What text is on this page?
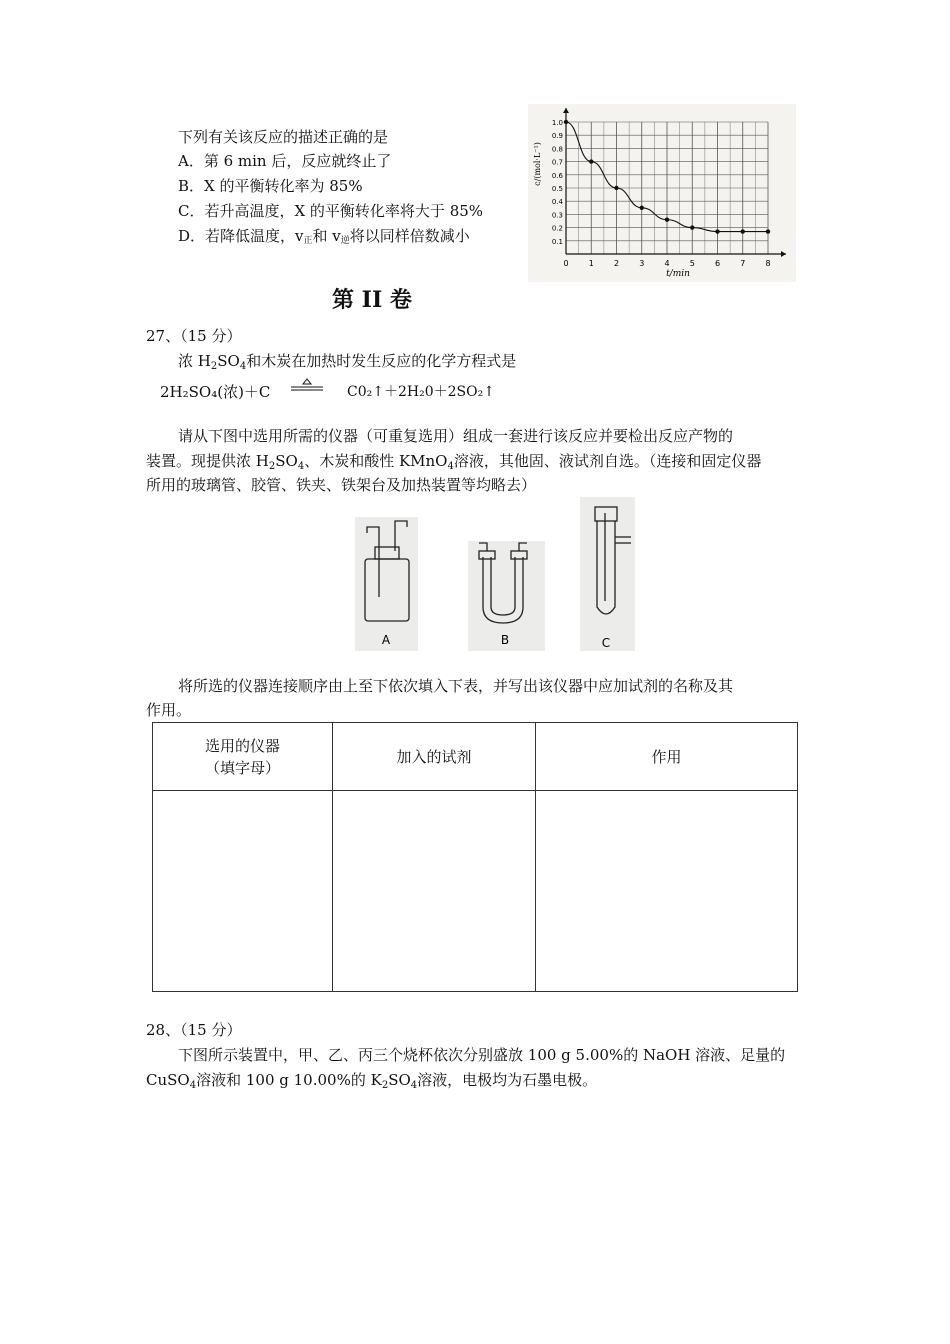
下列有关该反应的描述正确的是
A．第 6 min 后，反应就终止了
B．X 的平衡转化率为 85%
C．若升高温度，X 的平衡转化率将大于 85%
D．若降低温度，$v_正$和 $v_逆$将以同样倍数减小
0	1	2	3	4	5	6	7	8
0.1
0.2
0.3
0.4
0.5
0.6
0.7
0.8
0.9
1.0
t/min
c/(mol·L⁻¹)
第 II 卷
27、（15 分）
浓 $H_2SO_4$和木炭在加热时发生反应的化学方程式是
2H₂SO₄(浓)＋C	C0₂↑＋2H₂0＋2SO₂↑
请从下图中选用所需的仪器（可重复选用）组成一套进行该反应并要检出反应产物的
装置。现提供浓 $H_2SO_4$、木炭和酸性 KMnO$_4$溶液，其他固、液试剂自选。（连接和固定仪器
所用的玻璃管、胶管、铁夹、铁架台及加热装置等均略去）
A	B	C
将所选的仪器连接顺序由上至下依次填入下表，并写出该仪器中应加试剂的名称及其
作用。
选用的仪器
（填字母）	加入的试剂	作用

28、（15 分）
下图所示装置中，甲、乙、丙三个烧杯依次分别盛放 100 g 5.00%的 NaOH 溶液、足量的
CuSO$_4$溶液和 100 g 10.00%的 $K_2SO_4$溶液，电极均为石墨电极。
